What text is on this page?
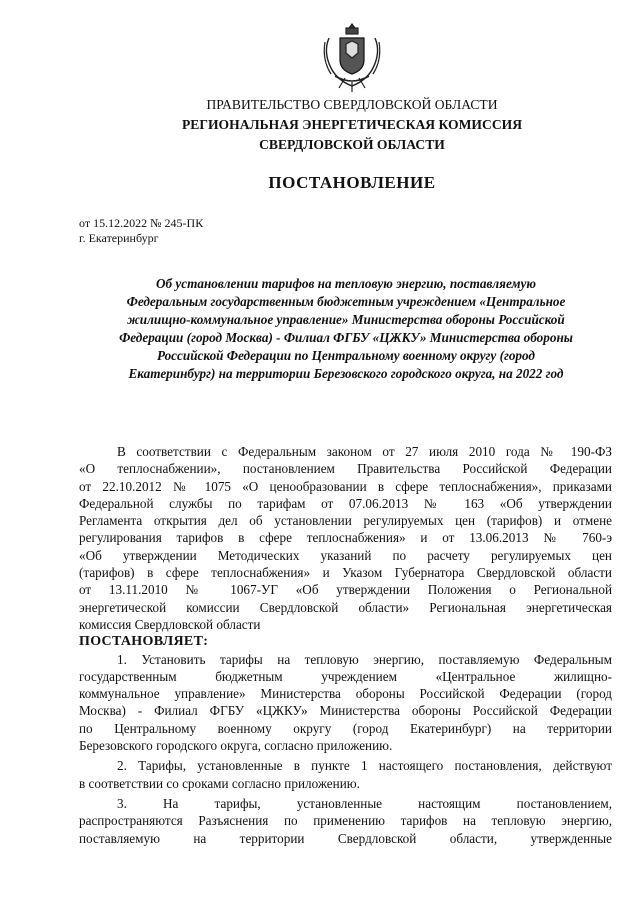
ПРАВИТЕЛЬСТВО СВЕРДЛОВСКОЙ ОБЛАСТИ
РЕГИОНАЛЬНАЯ ЭНЕРГЕТИЧЕСКАЯ КОМИССИЯ
СВЕРДЛОВСКОЙ ОБЛАСТИ
ПОСТАНОВЛЕНИЕ
от 15.12.2022 № 245-ПК
г. Екатеринбург
Об установлении тарифов на тепловую энергию, поставляемую
Федеральным государственным бюджетным учреждением «Центральное
жилищно-коммунальное управление» Министерства обороны Российской
Федерации (город Москва) - Филиал ФГБУ «ЦЖКУ» Министерства обороны
Российской Федерации по Центральному военному округу (город
Екатеринбург) на территории Березовского городского округа, на 2022 год
В соответствии с Федеральным законом от 27 июля 2010 года № 190-ФЗ
«О теплоснабжении», постановлением Правительства Российской Федерации
от 22.10.2012 № 1075 «О ценообразовании в сфере теплоснабжения», приказами
Федеральной службы по тарифам от 07.06.2013 № 163 «Об утверждении
Регламента открытия дел об установлении регулируемых цен (тарифов) и отмене
регулирования тарифов в сфере теплоснабжения» и от 13.06.2013 № 760-э
«Об утверждении Методических указаний по расчету регулируемых цен
(тарифов) в сфере теплоснабжения» и Указом Губернатора Свердловской области
от 13.11.2010 № 1067-УГ «Об утверждении Положения о Региональной
энергетической комиссии Свердловской области» Региональная энергетическая
комиссия Свердловской области
ПОСТАНОВЛЯЕТ:
1. Установить тарифы на тепловую энергию, поставляемую Федеральным
государственным бюджетным учреждением «Центральное жилищно-
коммунальное управление» Министерства обороны Российской Федерации (город
Москва) - Филиал ФГБУ «ЦЖКУ» Министерства обороны Российской Федерации
по Центральному военному округу (город Екатеринбург) на территории
Березовского городского округа, согласно приложению.
2. Тарифы, установленные в пункте 1 настоящего постановления, действуют
в соответствии со сроками согласно приложению.
3. На тарифы, установленные настоящим постановлением,
распространяются Разъяснения по применению тарифов на тепловую энергию,
поставляемую на территории Свердловской области, утвержденные
